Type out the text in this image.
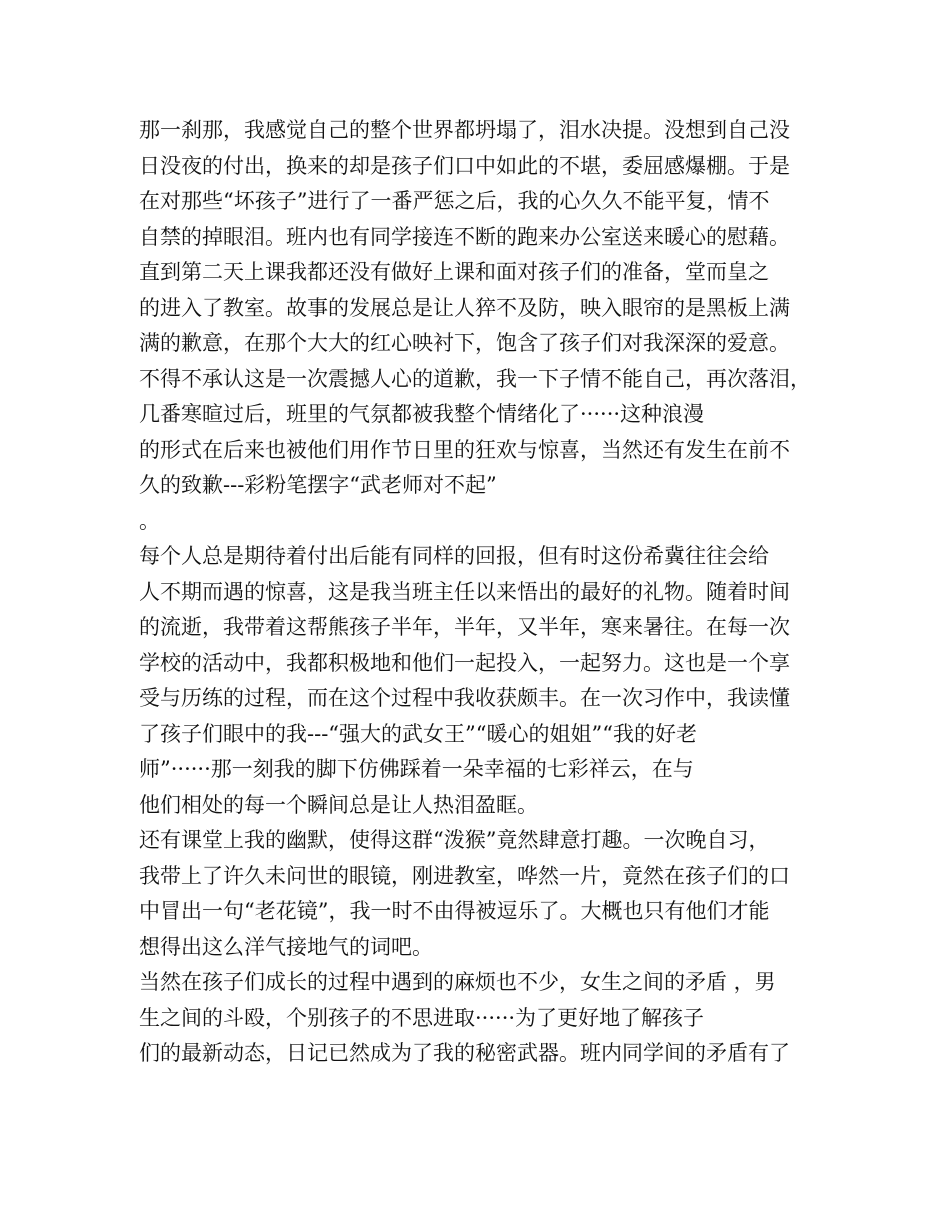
那一刹那，我感觉自己的整个世界都坍塌了，泪水决提。没想到自己没
日没夜的付出，换来的却是孩子们口中如此的不堪，委屈感爆棚。于是
在对那些“坏孩子”进行了一番严惩之后，我的心久久不能平复，情不
自禁的掉眼泪。班内也有同学接连不断的跑来办公室送来暖心的慰藉。
直到第二天上课我都还没有做好上课和面对孩子们的准备，堂而皇之
的进入了教室。故事的发展总是让人猝不及防，映入眼帘的是黑板上满
满的歉意，在那个大大的红心映衬下，饱含了孩子们对我深深的爱意。
不得不承认这是一次震撼人心的道歉，我一下子情不能自己，再次落泪，
几番寒暄过后，班里的气氛都被我整个情绪化了······这种浪漫
的形式在后来也被他们用作节日里的狂欢与惊喜，当然还有发生在前不
久的致歉---彩粉笔摆字“武老师对不起”
。
每个人总是期待着付出后能有同样的回报，但有时这份希冀往往会给
人不期而遇的惊喜，这是我当班主任以来悟出的最好的礼物。随着时间
的流逝，我带着这帮熊孩子半年，半年，又半年，寒来暑往。在每一次
学校的活动中，我都积极地和他们一起投入，一起努力。这也是一个享
受与历练的过程，而在这个过程中我收获颇丰。在一次习作中，我读懂
了孩子们眼中的我---“强大的武女王”“暖心的姐姐”“我的好老
师”······那一刻我的脚下仿佛踩着一朵幸福的七彩祥云，在与
他们相处的每一个瞬间总是让人热泪盈眶。
还有课堂上我的幽默，使得这群“泼猴”竟然肆意打趣。一次晚自习，
我带上了许久未问世的眼镜，刚进教室，哗然一片，竟然在孩子们的口
中冒出一句“老花镜”，我一时不由得被逗乐了。大概也只有他们才能
想得出这么洋气接地气的词吧。
当然在孩子们成长的过程中遇到的麻烦也不少，女生之间的矛盾 ，男
生之间的斗殴，个别孩子的不思进取······为了更好地了解孩子
们的最新动态，日记已然成为了我的秘密武器。班内同学间的矛盾有了
